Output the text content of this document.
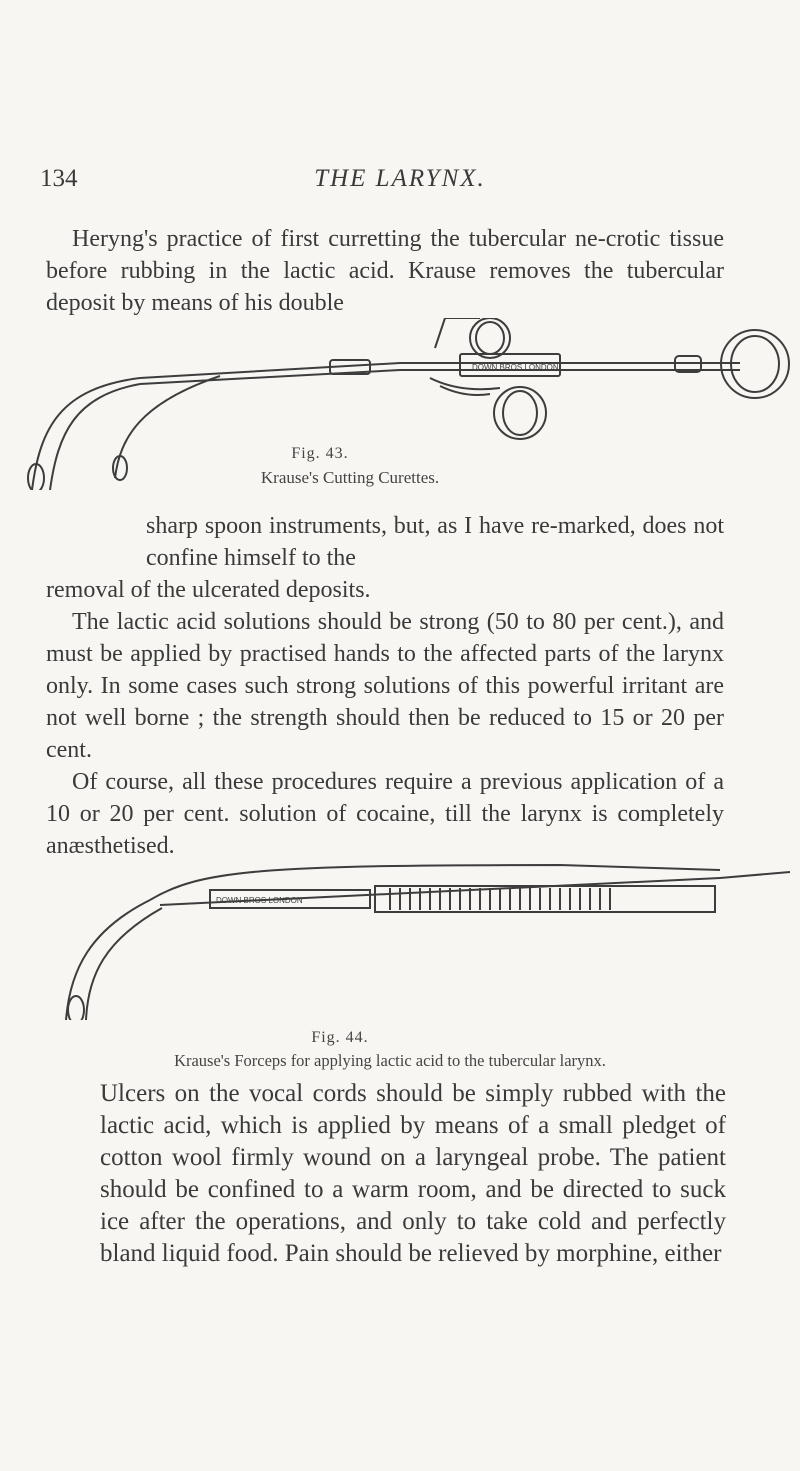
134	THE LARYNX.

Heryng's practice of first curretting the tubercular ne-crotic tissue before rubbing in the lactic acid. Krause removes the tubercular deposit by means of his double

DOWN BROS LONDON
Fig. 43.
Krause's Cutting Curettes.

sharp spoon instruments, but, as I have re-marked, does not confine himself to the

removal of the ulcerated deposits.

The lactic acid solutions should be strong (50 to 80 per cent.), and must be applied by practised hands to the affected parts of the larynx only. In some cases such strong solutions of this powerful irritant are not well borne ; the strength should then be reduced to 15 or 20 per cent.

Of course, all these procedures require a previous application of a 10 or 20 per cent. solution of cocaine, till the larynx is completely anæsthetised.

DOWN BROS LONDON
Fig. 44.
Krause's Forceps for applying lactic acid to the tubercular larynx.

Ulcers on the vocal cords should be simply rubbed with the lactic acid, which is applied by means of a small pledget of cotton wool firmly wound on a laryngeal probe. The patient should be confined to a warm room, and be directed to suck ice after the operations, and only to take cold and perfectly bland liquid food. Pain should be relieved by morphine, either
